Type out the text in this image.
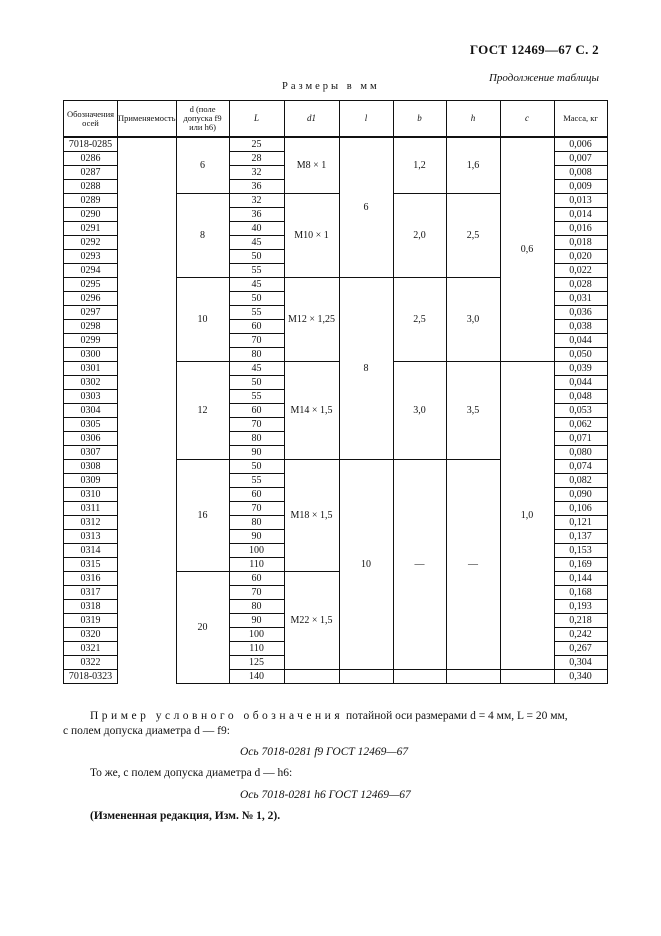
ГОСТ 12469—67 С. 2
Продолжение таблицы
Размеры в мм
Обозначения осей	Применяемость	d (поле допуска f9 или h6)	L	d1	l	b	h	c	Масса, кг
7018-0285		6	25	M8 × 1	6	1,2	1,6	0,6	0,006
0286			28						0,007
0287			32						0,008
0288			36						0,009
0289		8	32	M10 × 1		2,0	2,5		0,013
0290			36						0,014
0291			40						0,016
0292			45						0,018
0293			50						0,020
0294			55						0,022
0295		10	45	M12 × 1,25	8	2,5	3,0		0,028
0296			50						0,031
0297			55						0,036
0298			60						0,038
0299			70						0,044
0300			80						0,050
0301		12	45	M14 × 1,5		3,0	3,5	1,0	0,039
0302			50						0,044
0303			55						0,048
0304			60						0,053
0305			70						0,062
0306			80						0,071
0307			90						0,080
0308		16	50	M18 × 1,5	10	—	—		0,074
0309			55						0,082
0310			60						0,090
0311			70						0,106
0312			80						0,121
0313			90						0,137
0314			100						0,153
0315			110						0,169
0316		20	60	M22 × 1,5					0,144
0317			70						0,168
0318			80						0,193
0319			90						0,218
0320			100						0,242
0321			110						0,267
0322			125						0,304
7018-0323			140						0,340
Пример условного обозначения потайной оси размерами d = 4 мм, L = 20 мм,
с полем допуска диаметра d — f9:
Ось 7018-0281 f9 ГОСТ 12469—67
То же, с полем допуска диаметра d — h6:
Ось 7018-0281 h6 ГОСТ 12469—67
(Измененная редакция, Изм. № 1, 2).
